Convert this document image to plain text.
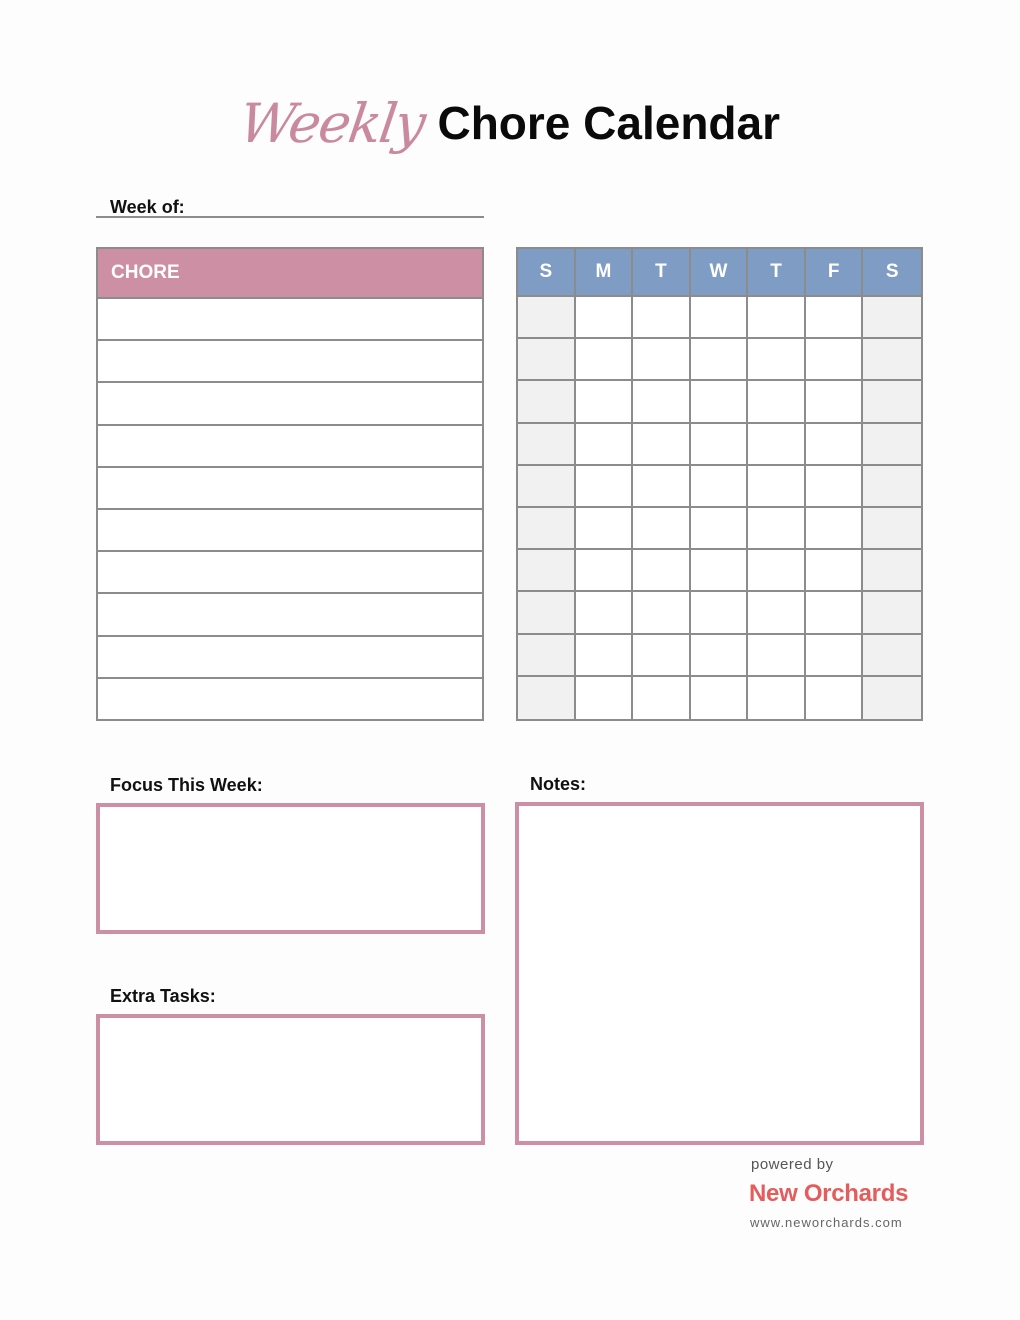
Weekly Chore Calendar
Week of:
CHORE	S	M	T	W	T	F	S
Focus This Week:
Extra Tasks:
Notes:
powered by
New Orchards
www.neworchards.com
